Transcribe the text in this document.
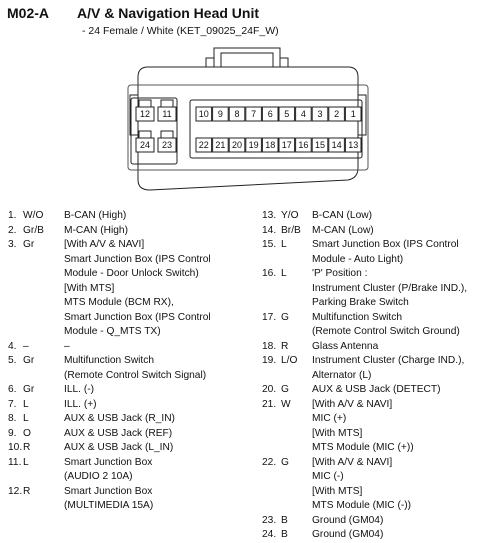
M02-A A/V & Navigation Head Unit
- 24 Female / White (KET_09025_24F_W)
12 11
24 23
10 9 8 7 6 5 4 3 2 1
22 21 20 19 18 17 16 15 14 13
1. W/O B-CAN (High)
2. Gr/B M-CAN (High)
3. Gr	[With A/V & NAVI]
Smart Junction Box (IPS Control
Module - Door Unlock Switch)
[With MTS]
MTS Module (BCM RX),
Smart Junction Box (IPS Control
Module - Q_MTS TX)
4. –	–
5. Gr	Multifunction Switch
(Remote Control Switch Signal)
6. Gr	ILL. (-)
7. L	ILL. (+)
8. L	AUX & USB Jack (R_IN)
9. O	AUX & USB Jack (REF)
10. R	AUX & USB Jack (L_IN)
11. L	Smart Junction Box
(AUDIO 2 10A)
12. R	Smart Junction Box
(MULTIMEDIA 15A)
13. Y/O B-CAN (Low)
14. Br/B M-CAN (Low)
15. L Smart Junction Box (IPS Control
Module - Auto Light)
16. L 'P' Position :
Instrument Cluster (P/Brake IND.),
Parking Brake Switch
17. G Multifunction Switch
(Remote Control Switch Ground)
18. R Glass Antenna
19. L/O Instrument Cluster (Charge IND.),
Alternator (L)
20. G AUX & USB Jack (DETECT)
21. W [With A/V & NAVI]
MIC (+)
[With MTS]
MTS Module (MIC (+))
22. G [With A/V & NAVI]
MIC (-)
[With MTS]
MTS Module (MIC (-))
23. B Ground (GM04)
24. B Ground (GM04)
